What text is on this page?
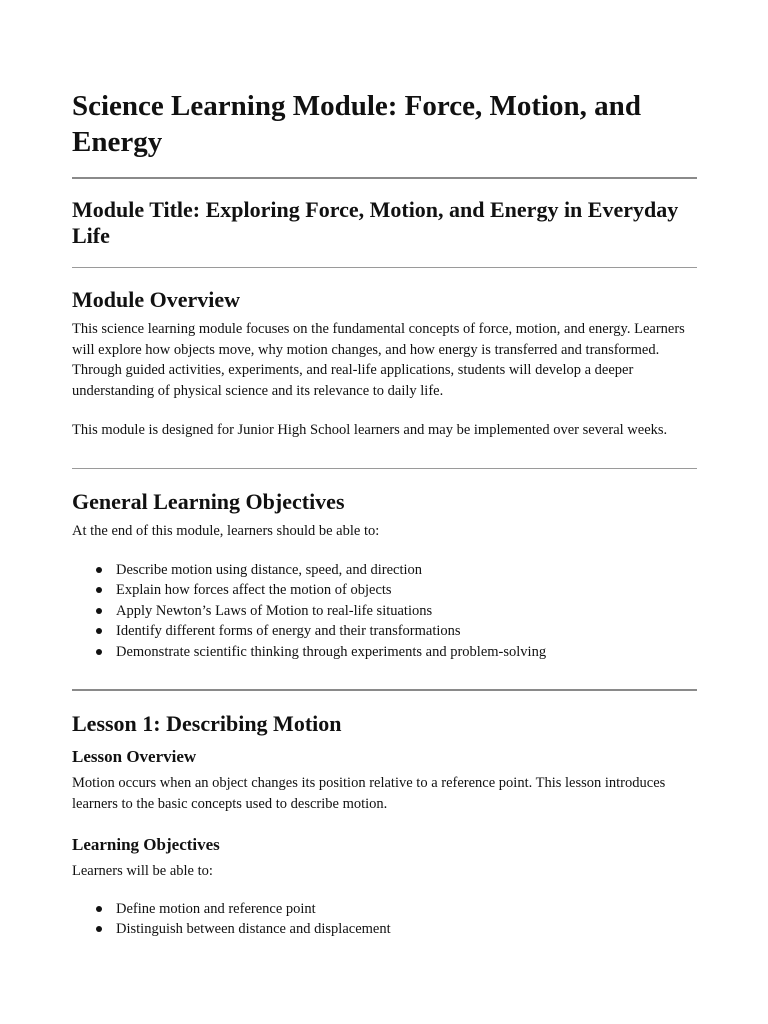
Science Learning Module: Force, Motion, and Energy
Module Title: Exploring Force, Motion, and Energy in Everyday Life
Module Overview

This science learning module focuses on the fundamental concepts of force, motion, and energy. Learners will explore how objects move, why motion changes, and how energy is transferred and transformed. Through guided activities, experiments, and real-life applications, students will develop a deeper understanding of physical science and its relevance to daily life.

This module is designed for Junior High School learners and may be implemented over several weeks.

General Learning Objectives

At the end of this module, learners should be able to:

Describe motion using distance, speed, and direction
Explain how forces affect the motion of objects
Apply Newton’s Laws of Motion to real-life situations
Identify different forms of energy and their transformations
Demonstrate scientific thinking through experiments and problem-solving
Lesson 1: Describing Motion
Lesson Overview

Motion occurs when an object changes its position relative to a reference point. This lesson introduces learners to the basic concepts used to describe motion.

Learning Objectives

Learners will be able to:

Define motion and reference point
Distinguish between distance and displacement
